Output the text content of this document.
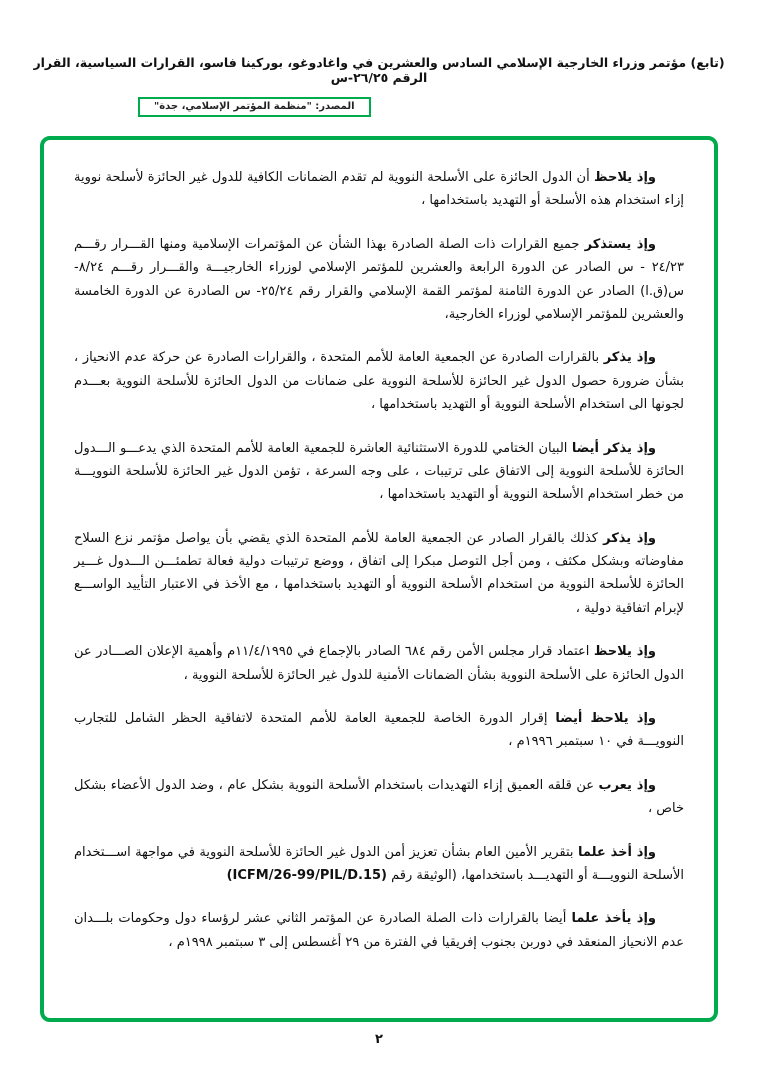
(تابع) مؤتمر وزراء الخارجية الإسلامي السادس والعشرين في واغادوغو، بوركينا فاسو، القرارات السياسية، القرار الرقم ٢٦/٢٥-س
المصدر: "منظمة المؤتمر الإسلامي، جدة"

وإذ يلاحظ أن الدول الحائزة على الأسلحة النووية لم تقدم الضمانات الكافية للدول غير الحائزة لأسلحة نووية إزاء استخدام هذه الأسلحة أو التهديد باستخدامها ،

وإذ يستذكر جميع القرارات ذات الصلة الصادرة بهذا الشأن عن المؤتمرات الإسلامية ومنها القـــرار رقـــم ٢٤/٢٣ - س الصادر عن الدورة الرابعة والعشرين للمؤتمر الإسلامي لوزراء الخارجيـــة والقـــرار رقـــم ٨/٢٤- س(ق.ا) الصادر عن الدورة الثامنة لمؤتمر القمة الإسلامي والقرار رقم ٢٥/٢٤- س الصادرة عن الدورة الخامسة والعشرين للمؤتمر الإسلامي لوزراء الخارجية،

وإذ يذكر بالقرارات الصادرة عن الجمعية العامة للأمم المتحدة ، والقرارات الصادرة عن حركة عدم الانحياز ، بشأن ضرورة حصول الدول غير الحائزة للأسلحة النووية على ضمانات من الدول الحائزة للأسلحة النووية بعـــدم لجونها الى استخدام الأسلحة النووية أو التهديد باستخدامها ،

وإذ يذكر أيضا البيان الختامي للدورة الاستثنائية العاشرة للجمعية العامة للأمم المتحدة الذي يدعـــو الـــدول الحائزة للأسلحة النووية إلى الاتفاق على ترتيبات ، على وجه السرعة ، تؤمن الدول غير الحائزة للأسلحة النوويـــة من خطر استخدام الأسلحة النووية أو التهديد باستخدامها ،

وإذ يذكر كذلك بالقرار الصادر عن الجمعية العامة للأمم المتحدة الذي يقضي بأن يواصل مؤتمر نزع السلاح مفاوضاته وبشكل مكثف ، ومن أجل التوصل مبكرا إلى اتفاق ، ووضع ترتيبات دولية فعالة تطمئـــن الـــدول غـــير الحائزة للأسلحة النووية من استخدام الأسلحة النووية أو التهديد باستخدامها ، مع الأخذ في الاعتبار التأييد الواســـع لإبرام اتفاقية دولية ،

وإذ يلاحظ اعتماد قرار مجلس الأمن رقم ٦٨٤ الصادر بالإجماع في ١١/٤/١٩٩٥م وأهمية الإعلان الصـــادر عن الدول الحائزة على الأسلحة النووية بشأن الضمانات الأمنية للدول غير الحائزة للأسلحة النووية ،

وإذ يلاحظ أيضا إقرار الدورة الخاصة للجمعية العامة للأمم المتحدة لاتفاقية الحظر الشامل للتجارب النوويـــة في ١٠ سبتمبر ١٩٩٦م ،

وإذ يعرب عن قلقه العميق إزاء التهديدات باستخدام الأسلحة النووية بشكل عام ، وضد الدول الأعضاء بشكل خاص ،

وإذ أخذ علما بتقرير الأمين العام بشأن تعزيز أمن الدول غير الحائزة للأسلحة النووية في مواجهة اســـتخدام الأسلحة النوويـــة أو التهديـــد باستخدامها، (الوثيقة رقم (ICFM/26-99/PIL/D.15)

وإذ يأخذ علما أيضا بالقرارات ذات الصلة الصادرة عن المؤتمر الثاني عشر لرؤساء دول وحكومات بلـــدان عدم الانحياز المنعقد في دوربن بجنوب إفريقيا في الفترة من ٢٩ أغسطس إلى ٣ سبتمبر ١٩٩٨م ،

٢
